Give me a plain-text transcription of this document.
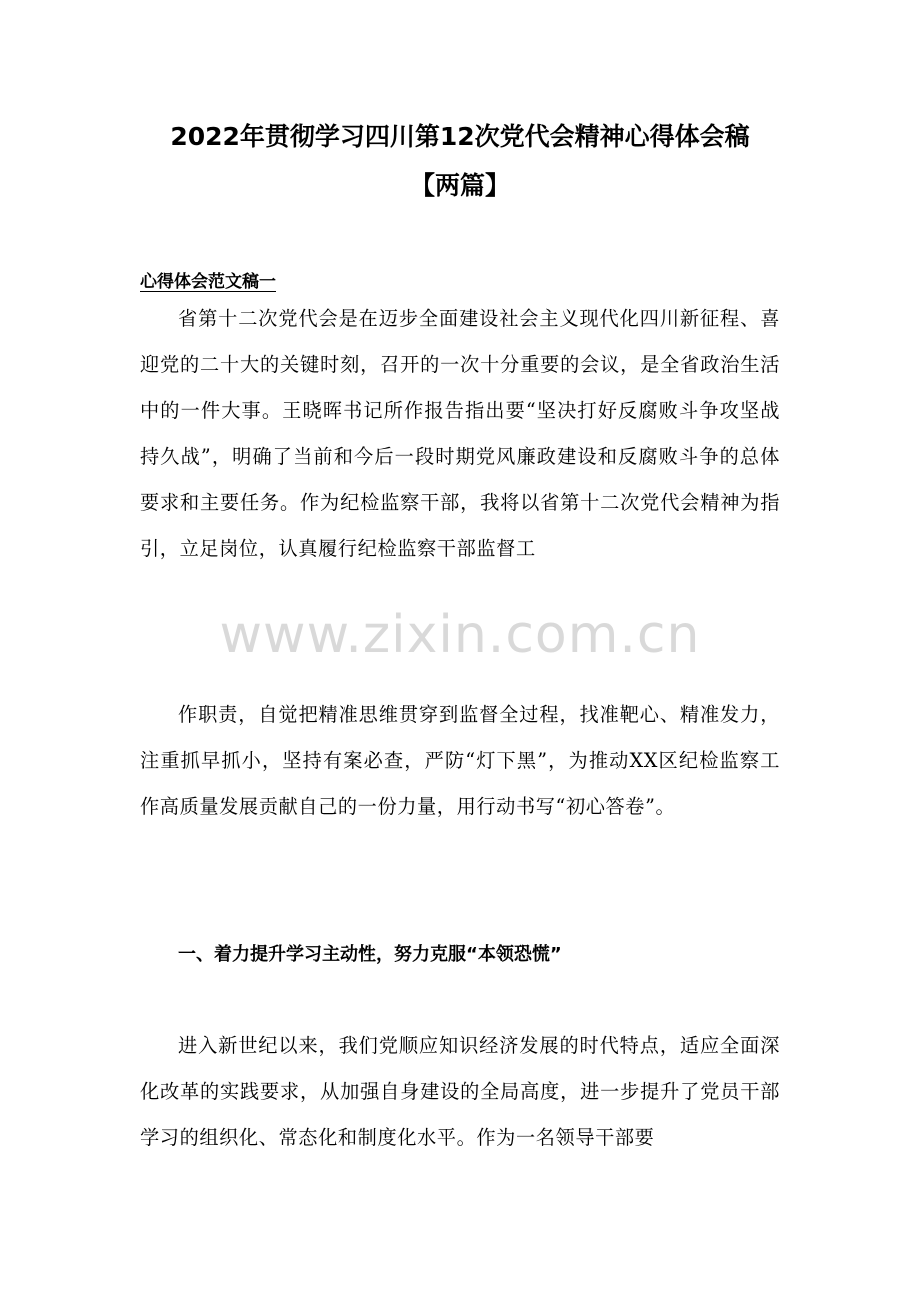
2022年贯彻学习四川第12次党代会精神心得体会稿
【两篇】
心得体会范文稿一

省第十二次党代会是在迈步全面建设社会主义现代化四川新征程、喜迎党的二十大的关键时刻，召开的一次十分重要的会议，是全省政治生活中的一件大事。王晓晖书记所作报告指出要“坚决打好反腐败斗争攻坚战持久战”，明确了当前和今后一段时期党风廉政建设和反腐败斗争的总体要求和主要任务。作为纪检监察干部，我将以省第十二次党代会精神为指引，立足岗位，认真履行纪检监察干部监督工

www.zixin.com.cn

作职责，自觉把精准思维贯穿到监督全过程，找准靶心、精准发力，注重抓早抓小，坚持有案必查，严防“灯下黑”，为推动XX区纪检监察工作高质量发展贡献自己的一份力量，用行动书写“初心答卷”。

一、着力提升学习主动性，努力克服“本领恐慌”

进入新世纪以来，我们党顺应知识经济发展的时代特点，适应全面深化改革的实践要求，从加强自身建设的全局高度，进一步提升了党员干部学习的组织化、常态化和制度化水平。作为一名领导干部要
